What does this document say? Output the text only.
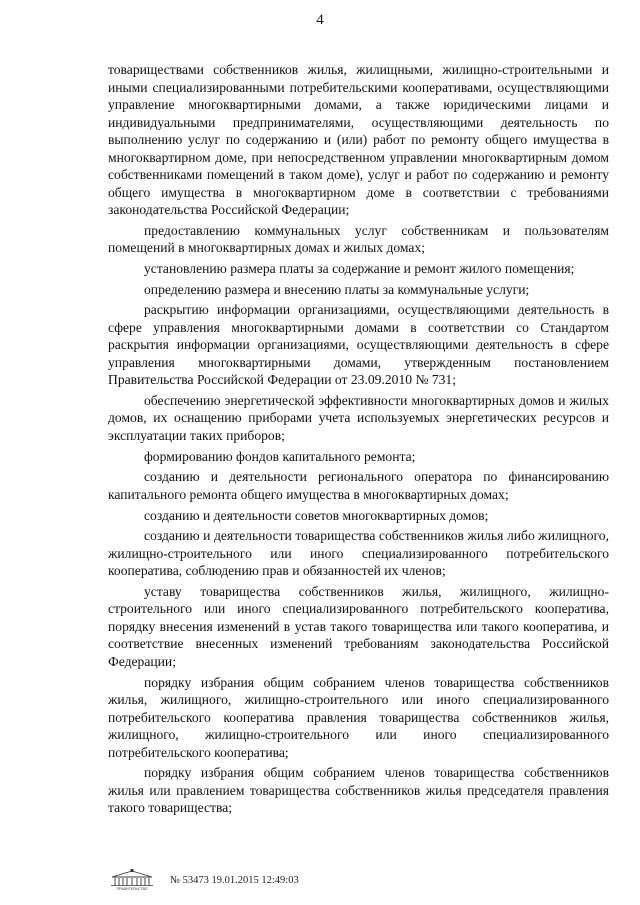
4

товариществами собственников жилья, жилищными, жилищно-строительными и иными специализированными потребительскими кооперативами, осуществляющими управление многоквартирными домами, а также юридическими лицами и индивидуальными предпринимателями, осуществляющими деятельность по выполнению услуг по содержанию и (или) работ по ремонту общего имущества в многоквартирном доме, при непосредственном управлении многоквартирным домом собственниками помещений в таком доме), услуг и работ по содержанию и ремонту общего имущества в многоквартирном доме в соответствии с требованиями законодательства Российской Федерации;

предоставлению коммунальных услуг собственникам и пользователям помещений в многоквартирных домах и жилых домах;

установлению размера платы за содержание и ремонт жилого помещения;

определению размера и внесению платы за коммунальные услуги;

раскрытию информации организациями, осуществляющими деятельность в сфере управления многоквартирными домами в соответствии со Стандартом раскрытия информации организациями, осуществляющими деятельность в сфере управления многоквартирными домами, утвержденным постановлением Правительства Российской Федерации от 23.09.2010 № 731;

обеспечению энергетической эффективности многоквартирных домов и жилых домов, их оснащению приборами учета используемых энергетических ресурсов и эксплуатации таких приборов;

формированию фондов капитального ремонта;

созданию и деятельности регионального оператора по финансированию капитального ремонта общего имущества в многоквартирных домах;

созданию и деятельности советов многоквартирных домов;

созданию и деятельности товарищества собственников жилья либо жилищного, жилищно-строительного или иного специализированного потребительского кооператива, соблюдению прав и обязанностей их членов;

уставу товарищества собственников жилья, жилищного, жилищно-строительного или иного специализированного потребительского кооператива, порядку внесения изменений в устав такого товарищества или такого кооператива, и соответствие внесенных изменений требованиям законодательства Российской Федерации;

порядку избрания общим собранием членов товарищества собственников жилья, жилищного, жилищно-строительного или иного специализированного потребительского кооператива правления товарищества собственников жилья, жилищного, жилищно-строительного или иного специализированного потребительского кооператива;

порядку избрания общим собранием членов товарищества собственников жилья или правлением товарищества собственников жилья председателя правления такого товарищества;

ПРАВИТЕЛЬСТВО
№ 53473 19.01.2015 12:49:03
